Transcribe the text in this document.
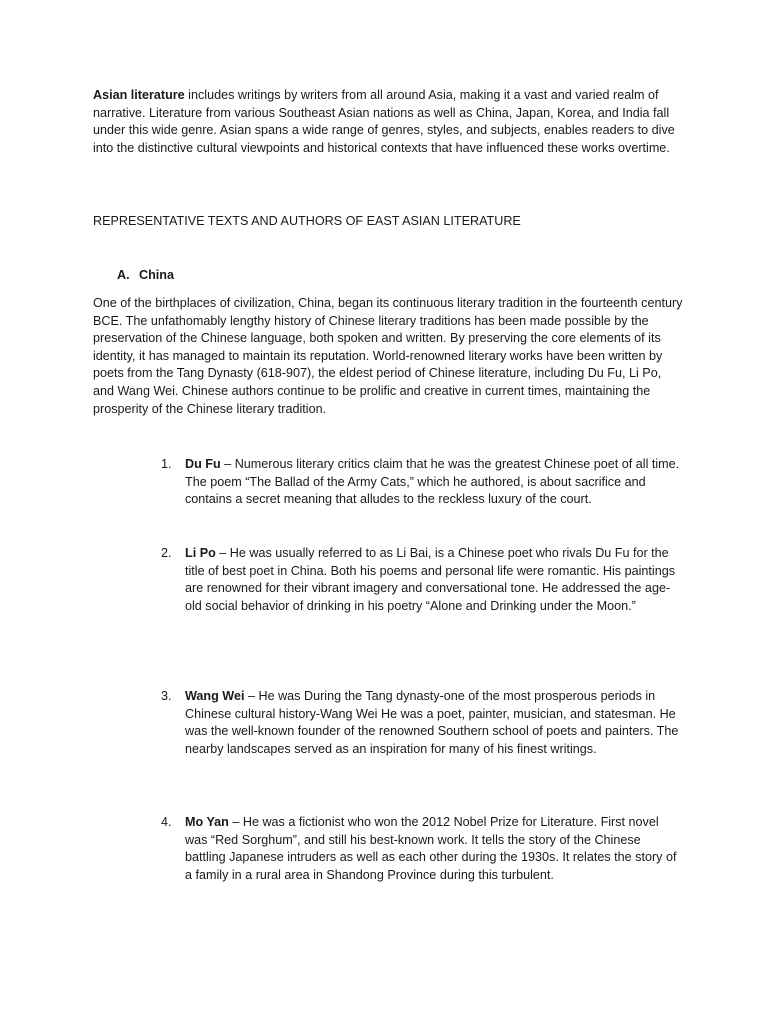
Asian literature includes writings by writers from all around Asia, making it a vast and varied realm of narrative. Literature from various Southeast Asian nations as well as China, Japan, Korea, and India fall under this wide genre. Asian spans a wide range of genres, styles, and subjects, enables readers to dive into the distinctive cultural viewpoints and historical contexts that have influenced these works overtime.

REPRESENTATIVE TEXTS AND AUTHORS OF EAST ASIAN LITERATURE

A. China

One of the birthplaces of civilization, China, began its continuous literary tradition in the fourteenth century BCE. The unfathomably lengthy history of Chinese literary traditions has been made possible by the preservation of the Chinese language, both spoken and written. By preserving the core elements of its identity, it has managed to maintain its reputation. World-renowned literary works have been written by poets from the Tang Dynasty (618-907), the eldest period of Chinese literature, including Du Fu, Li Po, and Wang Wei. Chinese authors continue to be prolific and creative in current times, maintaining the prosperity of the Chinese literary tradition.

1.	Du Fu – Numerous literary critics claim that he was the greatest Chinese poet of all time. The poem “The Ballad of the Army Cats,” which he authored, is about sacrifice and contains a secret meaning that alludes to the reckless luxury of the court.

2.	Li Po – He was usually referred to as Li Bai, is a Chinese poet who rivals Du Fu for the title of best poet in China. Both his poems and personal life were romantic. His paintings are renowned for their vibrant imagery and conversational tone. He addressed the age-old social behavior of drinking in his poetry “Alone and Drinking under the Moon.”

3.	Wang Wei – He was During the Tang dynasty-one of the most prosperous periods in Chinese cultural history-Wang Wei He was a poet, painter, musician, and statesman. He was the well-known founder of the renowned Southern school of poets and painters. The nearby landscapes served as an inspiration for many of his finest writings.

4.	Mo Yan – He was a fictionist who won the 2012 Nobel Prize for Literature. First novel was “Red Sorghum”, and still his best-known work. It tells the story of the Chinese battling Japanese intruders as well as each other during the 1930s. It relates the story of a family in a rural area in Shandong Province during this turbulent.
